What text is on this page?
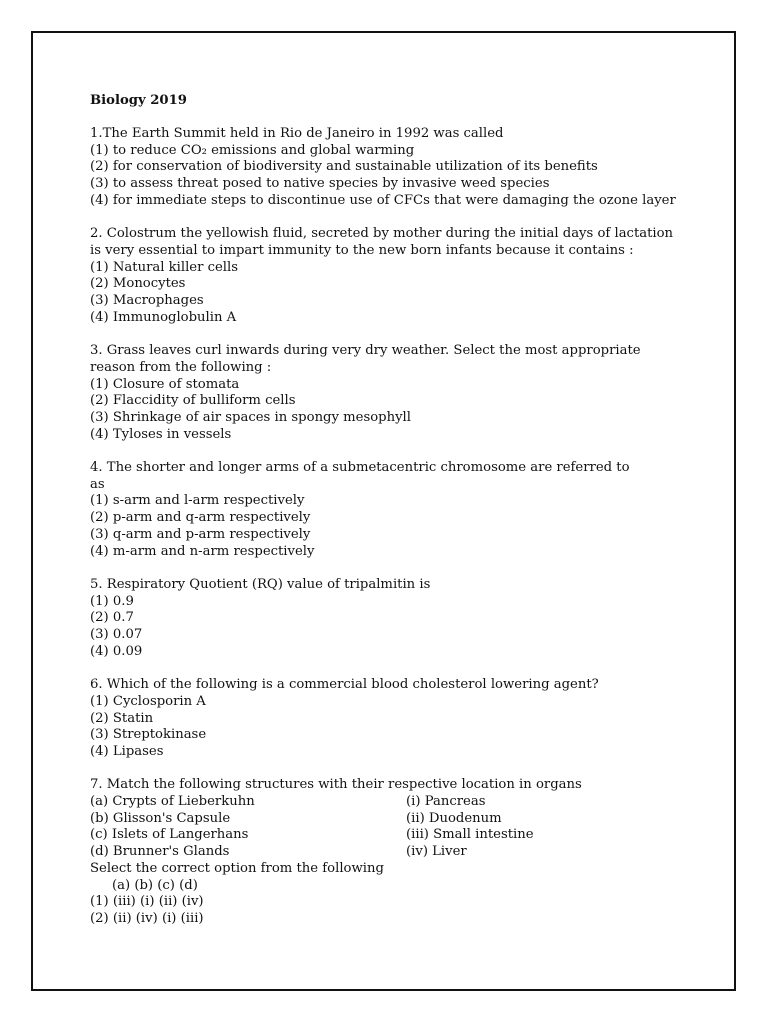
Biology 2019
1.The Earth Summit held in Rio de Janeiro in 1992 was called
(1) to reduce CO₂ emissions and global warming
(2) for conservation of biodiversity and sustainable utilization of its benefits
(3) to assess threat posed to native species by invasive weed species
(4) for immediate steps to discontinue use of CFCs that were damaging the ozone layer
2. Colostrum the yellowish fluid, secreted by mother during the initial days of lactation
is very essential to impart immunity to the new born infants because it contains :
(1) Natural killer cells
(2) Monocytes
(3) Macrophages
(4) Immunoglobulin A
3. Grass leaves curl inwards during very dry weather. Select the most appropriate
reason from the following :
(1) Closure of stomata
(2) Flaccidity of bulliform cells
(3) Shrinkage of air spaces in spongy mesophyll
(4) Tyloses in vessels
4. The shorter and longer arms of a submetacentric chromosome are referred to
as
(1) s-arm and l-arm respectively
(2) p-arm and q-arm respectively
(3) q-arm and p-arm respectively
(4) m-arm and n-arm respectively
5. Respiratory Quotient (RQ) value of tripalmitin is
(1) 0.9
(2) 0.7
(3) 0.07
(4) 0.09
6. Which of the following is a commercial blood cholesterol lowering agent?
(1) Cyclosporin A
(2) Statin
(3) Streptokinase
(4) Lipases
7. Match the following structures with their respective location in organs
(a) Crypts of Lieberkuhn	(i) Pancreas
(b) Glisson's Capsule	(ii) Duodenum
(c) Islets of Langerhans	(iii) Small intestine
(d) Brunner's Glands	(iv) Liver
Select the correct option from the following
(a) (b) (c) (d)
(1) (iii) (i) (ii) (iv)
(2) (ii) (iv) (i) (iii)
